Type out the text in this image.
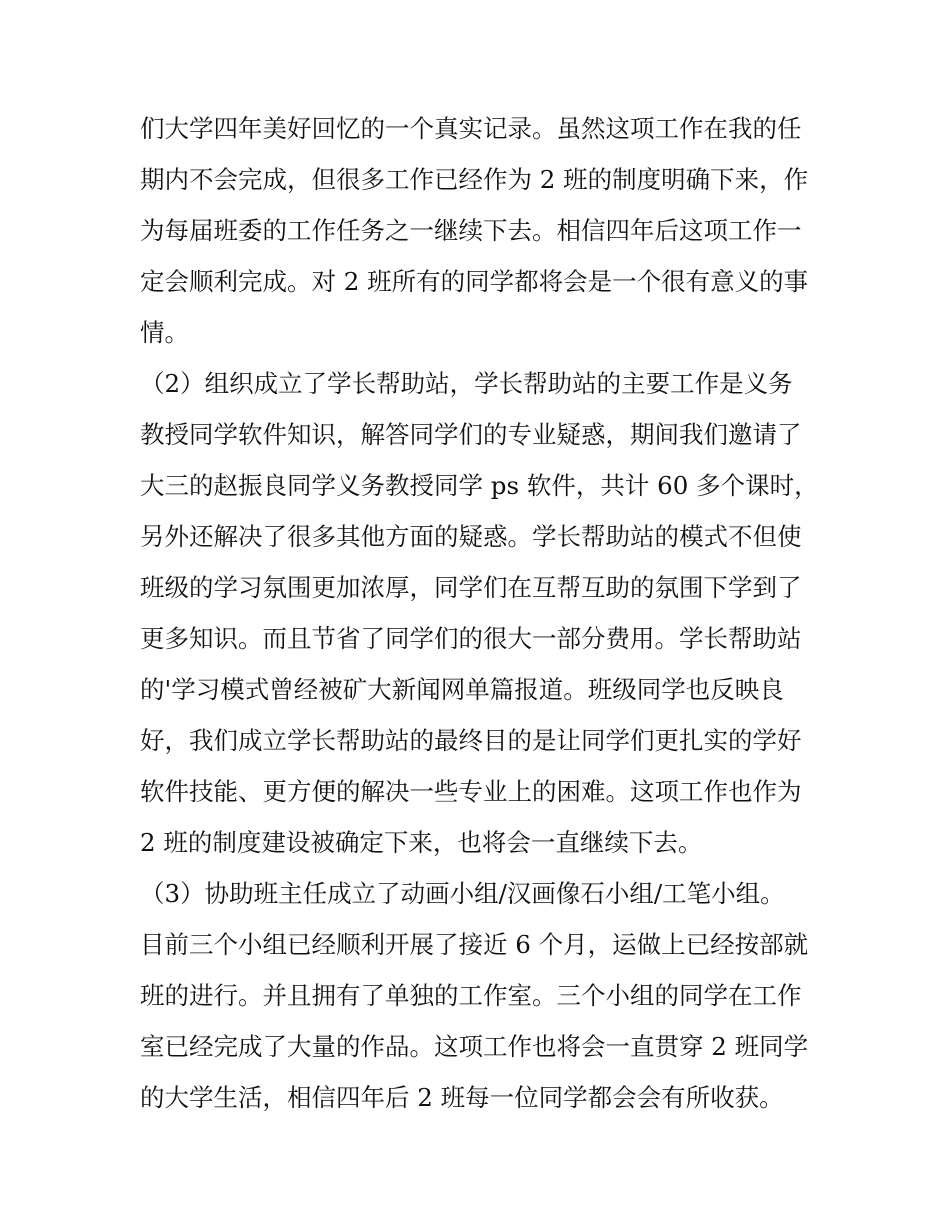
们大学四年美好回忆的一个真实记录。虽然这项工作在我的任
期内不会完成，但很多工作已经作为 2 班的制度明确下来，作
为每届班委的工作任务之一继续下去。相信四年后这项工作一
定会顺利完成。对 2 班所有的同学都将会是一个很有意义的事
情。
（2）组织成立了学长帮助站，学长帮助站的主要工作是义务
教授同学软件知识，解答同学们的专业疑惑，期间我们邀请了
大三的赵振良同学义务教授同学 ps 软件，共计 60 多个课时，
另外还解决了很多其他方面的疑惑。学长帮助站的模式不但使
班级的学习氛围更加浓厚，同学们在互帮互助的氛围下学到了
更多知识。而且节省了同学们的很大一部分费用。学长帮助站
的'学习模式曾经被矿大新闻网单篇报道。班级同学也反映良
好，我们成立学长帮助站的最终目的是让同学们更扎实的学好
软件技能、更方便的解决一些专业上的困难。这项工作也作为
2 班的制度建设被确定下来，也将会一直继续下去。
（3）协助班主任成立了动画小组/汉画像石小组/工笔小组。
目前三个小组已经顺利开展了接近 6 个月，运做上已经按部就
班的进行。并且拥有了单独的工作室。三个小组的同学在工作
室已经完成了大量的作品。这项工作也将会一直贯穿 2 班同学
的大学生活，相信四年后 2 班每一位同学都会会有所收获。
